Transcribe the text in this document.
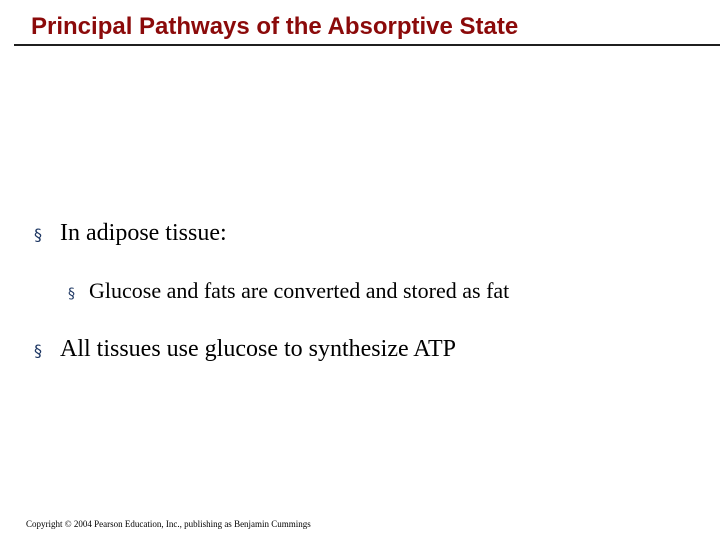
Principal Pathways of the Absorptive State
§ In adipose tissue:
§ Glucose and fats are converted and stored as fat
§ All tissues use glucose to synthesize ATP
Copyright © 2004 Pearson Education, Inc., publishing as Benjamin Cummings
